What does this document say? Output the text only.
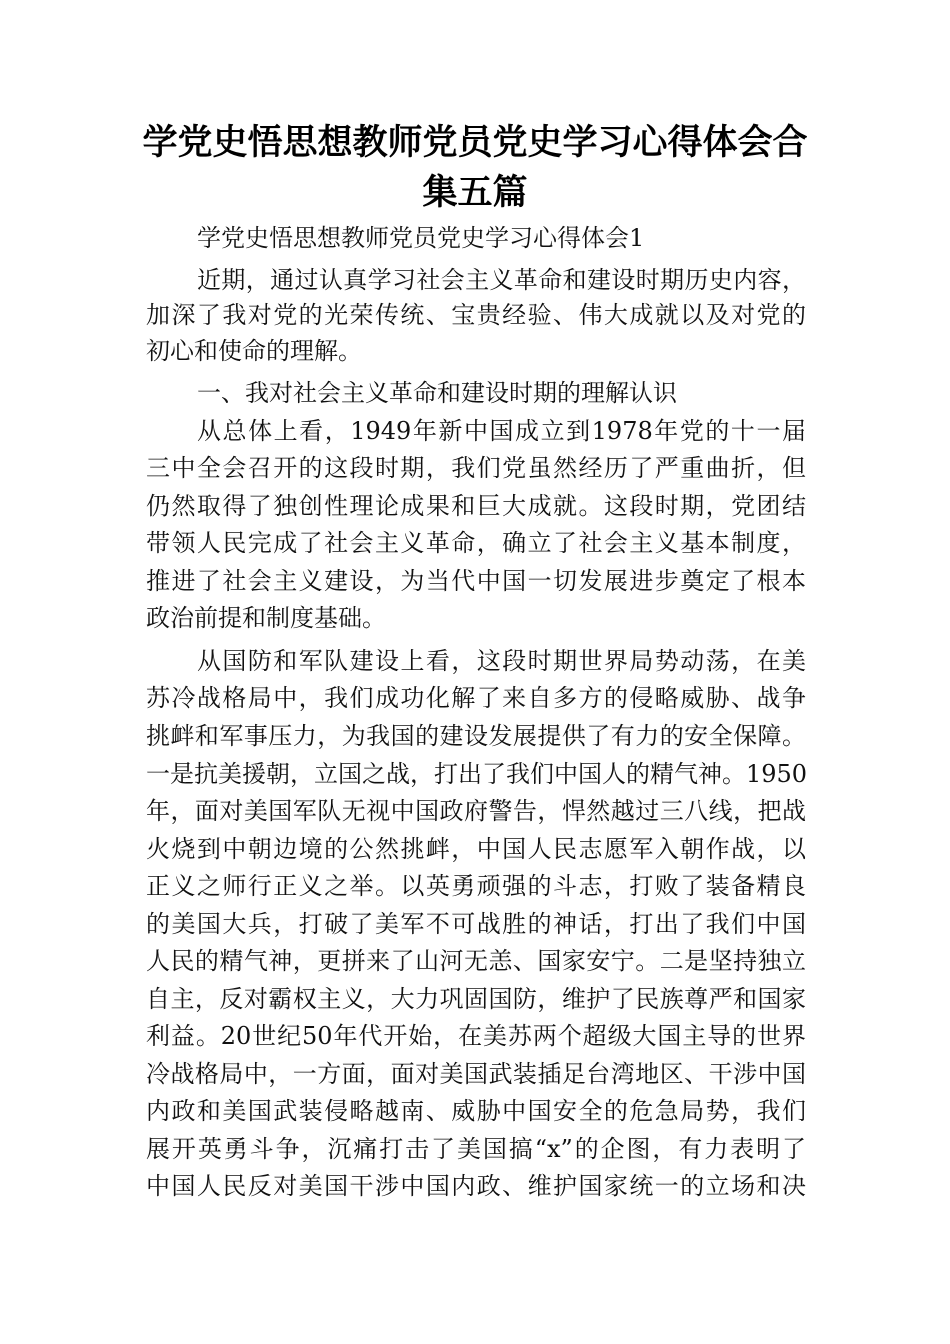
学党史悟思想教师党员党史学习心得体会合
集五篇
学党史悟思想教师党员党史学习心得体会1
近期，通过认真学习社会主义革命和建设时期历史内容，
加深了我对党的光荣传统、宝贵经验、伟大成就以及对党的
初心和使命的理解。
一、我对社会主义革命和建设时期的理解认识
从总体上看，1949年新中国成立到1978年党的十一届
三中全会召开的这段时期，我们党虽然经历了严重曲折，但
仍然取得了独创性理论成果和巨大成就。这段时期，党团结
带领人民完成了社会主义革命，确立了社会主义基本制度，
推进了社会主义建设，为当代中国一切发展进步奠定了根本
政治前提和制度基础。
从国防和军队建设上看，这段时期世界局势动荡，在美
苏冷战格局中，我们成功化解了来自多方的侵略威胁、战争
挑衅和军事压力，为我国的建设发展提供了有力的安全保障。
一是抗美援朝，立国之战，打出了我们中国人的精气神。1950
年，面对美国军队无视中国政府警告，悍然越过三八线，把战
火烧到中朝边境的公然挑衅，中国人民志愿军入朝作战，以
正义之师行正义之举。以英勇顽强的斗志，打败了装备精良
的美国大兵，打破了美军不可战胜的神话，打出了我们中国
人民的精气神，更拼来了山河无恙、国家安宁。二是坚持独立
自主，反对霸权主义，大力巩固国防，维护了民族尊严和国家
利益。20世纪50年代开始，在美苏两个超级大国主导的世界
冷战格局中，一方面，面对美国武装插足台湾地区、干涉中国
内政和美国武装侵略越南、威胁中国安全的危急局势，我们
展开英勇斗争，沉痛打击了美国搞“x”的企图，有力表明了
中国人民反对美国干涉中国内政、维护国家统一的立场和决
